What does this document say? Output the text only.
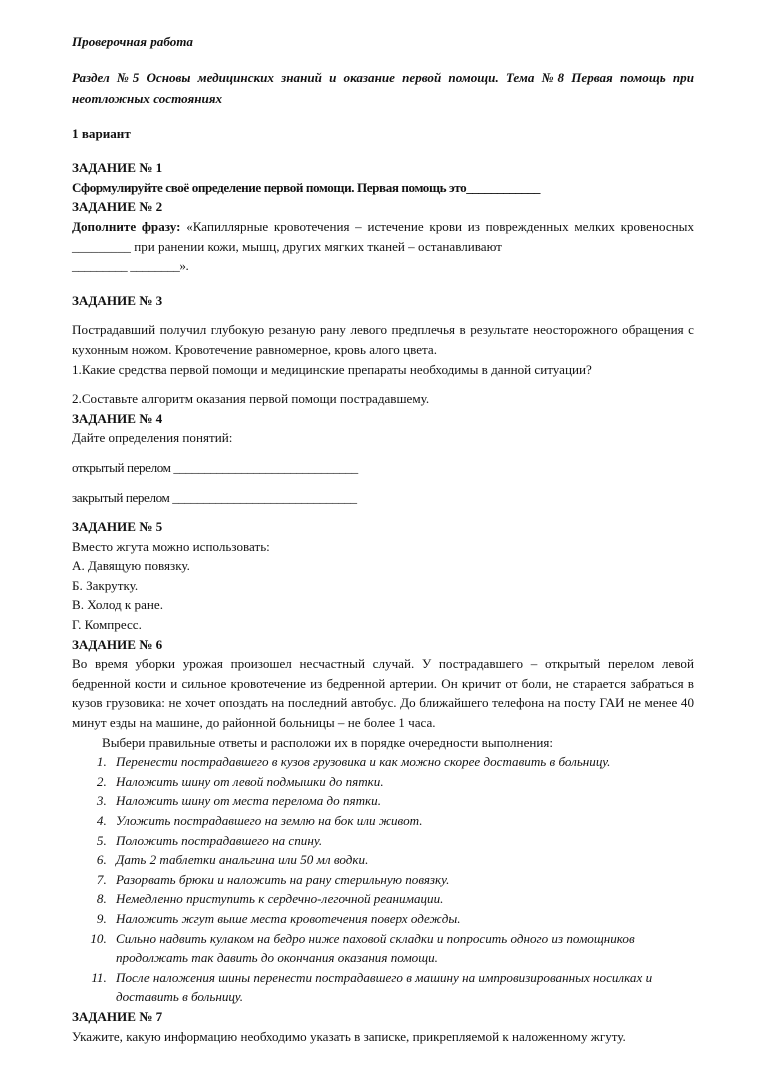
Проверочная работа

Раздел №5 Основы медицинских знаний и оказание первой помощи. Тема №8 Первая помощь при неотложных состояниях

1 вариант

ЗАДАНИЕ № 1

Сформулируйте своё определение первой помощи. Первая помощь это____________

ЗАДАНИЕ № 2

Дополните фразу: «Капиллярные кровотечения – истечение крови из поврежденных мелких кровеносных _________ при ранении кожи, мышц, других мягких тканей – останавливают

_________ ________».

ЗАДАНИЕ № 3

Пострадавший получил глубокую резаную рану левого предплечья в результате неосторожного обращения с кухонным ножом. Кровотечение равномерное, кровь алого цвета.

1.Какие средства первой помощи и медицинские препараты необходимы в данной ситуации?

2.Составьте алгоритм оказания первой помощи пострадавшему.

ЗАДАНИЕ № 4

Дайте определения понятий:

открытый перелом ______________________________

закрытый перелом ______________________________

ЗАДАНИЕ № 5

Вместо жгута можно использовать:

А. Давящую повязку.

Б. Закрутку.

В. Холод к ране.

Г. Компресс.

ЗАДАНИЕ № 6

Во время уборки урожая произошел несчастный случай. У пострадавшего – открытый перелом левой бедренной кости и сильное кровотечение из бедренной артерии. Он кричит от боли, не старается забраться в кузов грузовика: не хочет опоздать на последний автобус. До ближайшего телефона на посту ГАИ не менее 40 минут езды на машине, до районной больницы – не более 1 часа.

Выбери правильные ответы и расположи их в порядке очередности выполнения:

1. Перенести пострадавшего в кузов грузовика и как можно скорее доставить в больницу.
2. Наложить шину от левой подмышки до пятки.
3. Наложить шину от места перелома до пятки.
4. Уложить пострадавшего на землю на бок или живот.
5. Положить пострадавшего на спину.
6. Дать 2 таблетки анальгина или 50 мл водки.
7. Разорвать брюки и наложить на рану стерильную повязку.
8. Немедленно приступить к сердечно-легочной реанимации.
9. Наложить жгут выше места кровотечения поверх одежды.
10. Сильно надвить кулаком на бедро ниже паховой складки и попросить одного из помощников продолжать так давить до окончания оказания помощи.
11. После наложения шины перенести пострадавшего в машину на импровизированных носилках и доставить в больницу.

ЗАДАНИЕ № 7

Укажите, какую информацию необходимо указать в записке, прикрепляемой к наложенному жгуту.
